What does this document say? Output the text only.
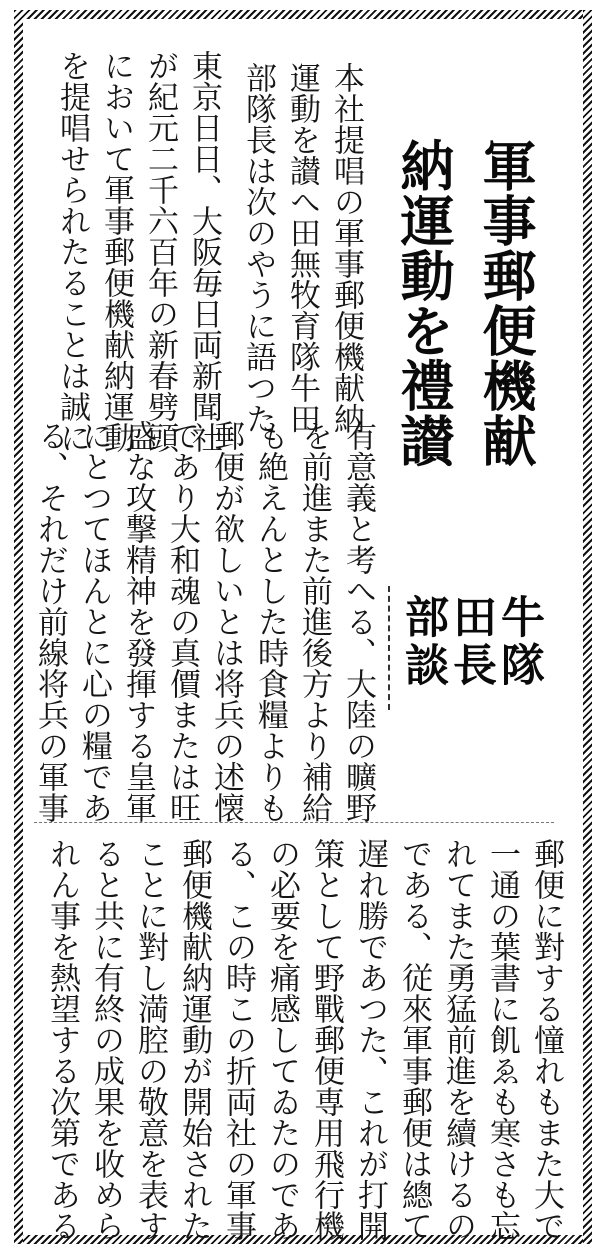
軍事郵便機献
納運動を禮讃
牛隊
田長
部談
本社提唱の軍事郵便機献納
運動を讃へ田無牧育隊牛田
部隊長は次のやうに語つた
東京日日、大阪毎日両新聞社
が紀元二千六百年の新春劈頭
において軍事郵便機献納運動
を提唱せられたることは誠に
有意義と考へる、大陸の曠野
を前進また前進後方より補給
も絶えんとした時食糧よりも
郵便が欲しいとは将兵の述懐
であり大和魂の真價または旺
盛な攻撃精神を發揮する皇軍
にとつてほんとに心の糧であ
る、それだけ前線将兵の軍事
郵便に對する憧れもまた大で
一通の葉書に飢ゑも寒さも忘
れてまた勇猛前進を續けるの
である、従來軍事郵便は總て
遅れ勝であつた、これが打開
策として野戰郵便専用飛行機
の必要を痛感してゐたのであ
る、この時この折両社の軍事
郵便機献納運動が開始された
ことに對し満腔の敬意を表す
ると共に有終の成果を收めら
れん事を熱望する次第である
